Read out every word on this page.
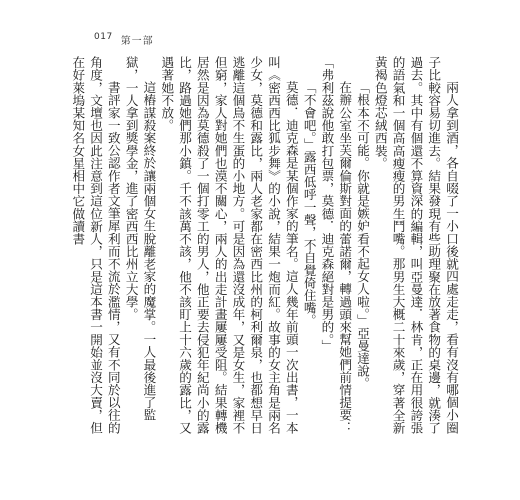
017 第一部

兩人拿到酒，各自啜了一小口後就四處走走，看有沒有哪個小圈子比較容易切進去。結果發現有些助理聚在放著食物的桌邊，就湊了過去。其中有個還不算資深的編輯，叫亞曼達．林肯，正在用很誇張的語氣和一個高高瘦瘦的男生鬥嘴。那男生大概二十來歲，穿著全新黃褐色燈芯絨西裝。

「根本不可能。你就是嫉妒看不起女人啦。」亞曼達說。

在辦公室坐芙爾倫斯對面的蕾諾爾，轉過頭來幫她們前情提要：「弗利茲說他敢打包票，莫德．迪克森絕對是男的。」

「不會吧。」露西低呼一聲，不自覺倚住嘴。

莫德．迪克森是某個作家的筆名。這人幾年前頭一次出書，一本叫《密西西比狐步舞》的小說，結果一炮而紅。故事的女主角是兩名少女，莫德和露比，兩人老家都在密西比州的柯利爾泉，也都想早日逃離這個鳥不生蛋的小地方。可是因為還沒成年，又是女生，家裡不但窮，家人對她們也漠不關心，兩人的出走計畫屢屢受阻。結果轉機居然是因為莫德殺了一個打零工的男人，他正要去侵犯年紀尚小的露比，路過她們那小鎮。千不該萬不該，他不該盯上十六歲的露比，又遇著她不放。

這樁謀殺案終於讓兩個女生脫離老家的魔掌。一人最後進了監獄，一人拿到獎學金，進了密西西比州立大學。

書評家一致公認作者文筆犀利而不流於濫情，又有不同於以往的角度，文壇也因此注意到這位新人，只是這本書一開始並沒大賣，但在好萊塢某知名女星相中它做讀書
